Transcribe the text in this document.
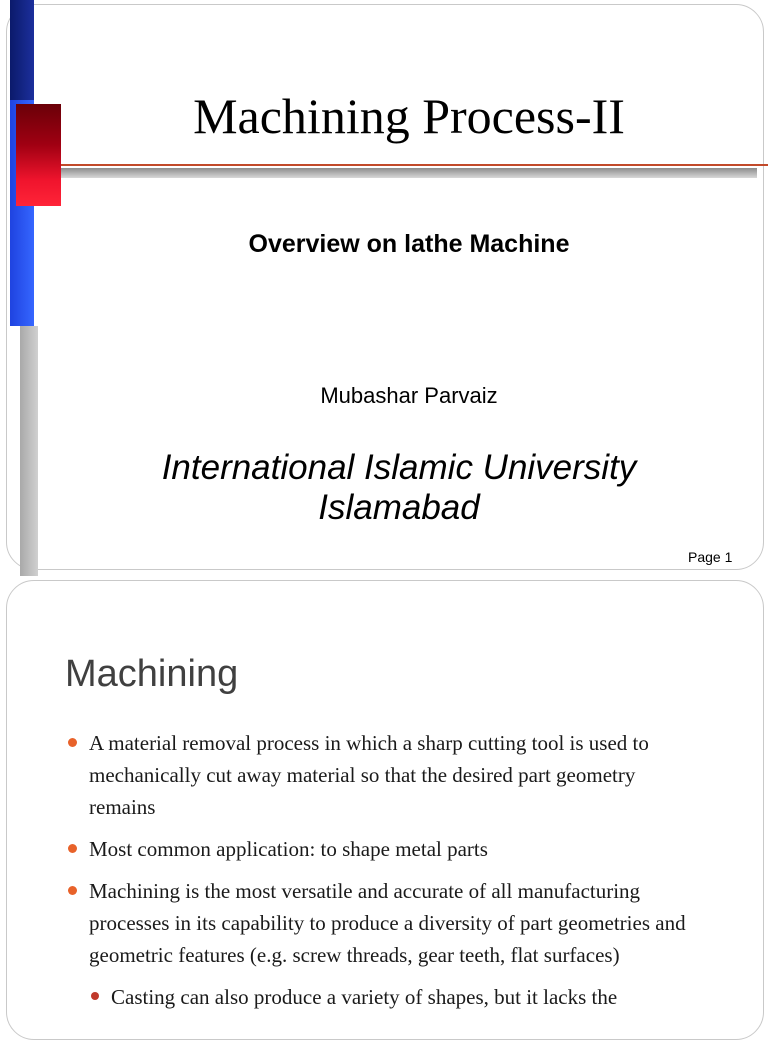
Machining Process-II
Overview on lathe Machine
Mubashar Parvaiz
International Islamic University
Islamabad
Page 1
Machining
A material removal process in which a sharp cutting tool is used to mechanically cut away material so that the desired part geometry remains
Most common application: to shape metal parts
Machining is the most versatile and accurate of all manufacturing processes in its capability to produce a diversity of part geometries and geometric features (e.g. screw threads, gear teeth, flat surfaces)
Casting can also produce a variety of shapes, but it lacks the
